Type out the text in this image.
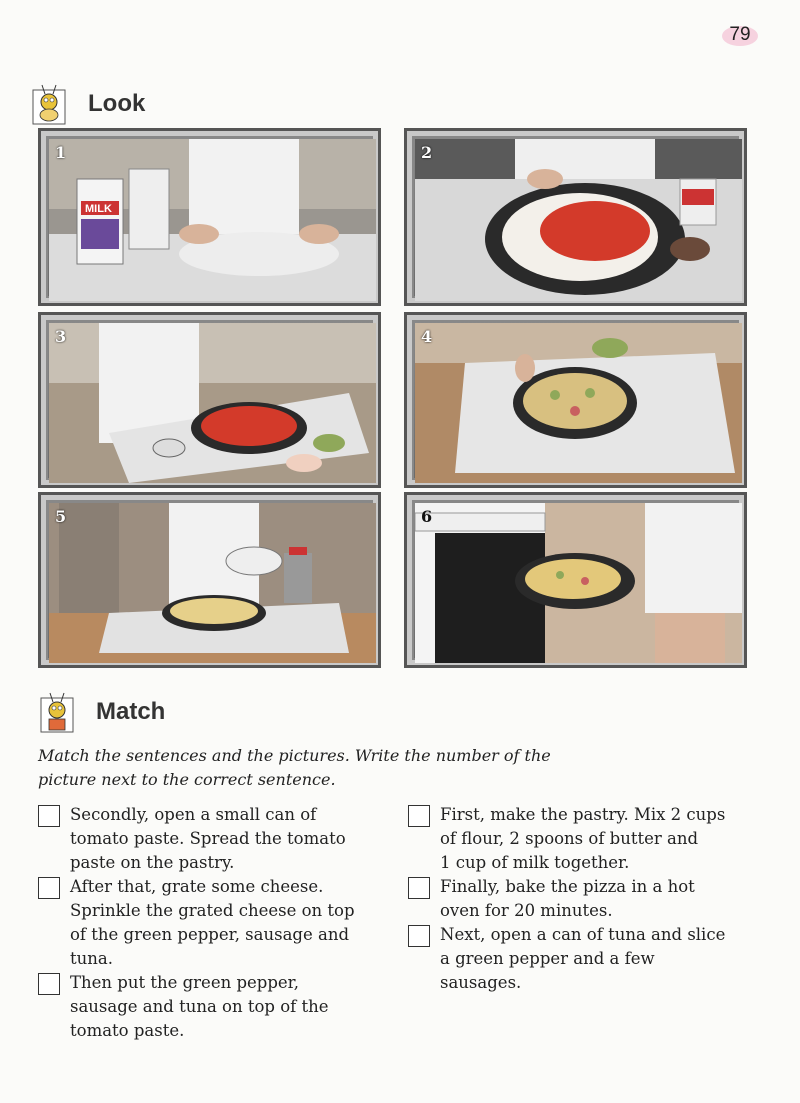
79
Look
MILK
1	2
3	4
5	6
Match
Match the sentences and the pictures. Write the number of the picture next to the correct sentence.
Secondly, open a small can of
tomato paste. Spread the tomato
paste on the pastry.
After that, grate some cheese.
Sprinkle the grated cheese on top
of the green pepper, sausage and
tuna.
Then put the green pepper,
sausage and tuna on top of the
tomato paste.
First, make the pastry. Mix 2 cups
of flour, 2 spoons of butter and
1 cup of milk together.
Finally, bake the pizza in a hot
oven for 20 minutes.
Next, open a can of tuna and slice
a green pepper and a few
sausages.
